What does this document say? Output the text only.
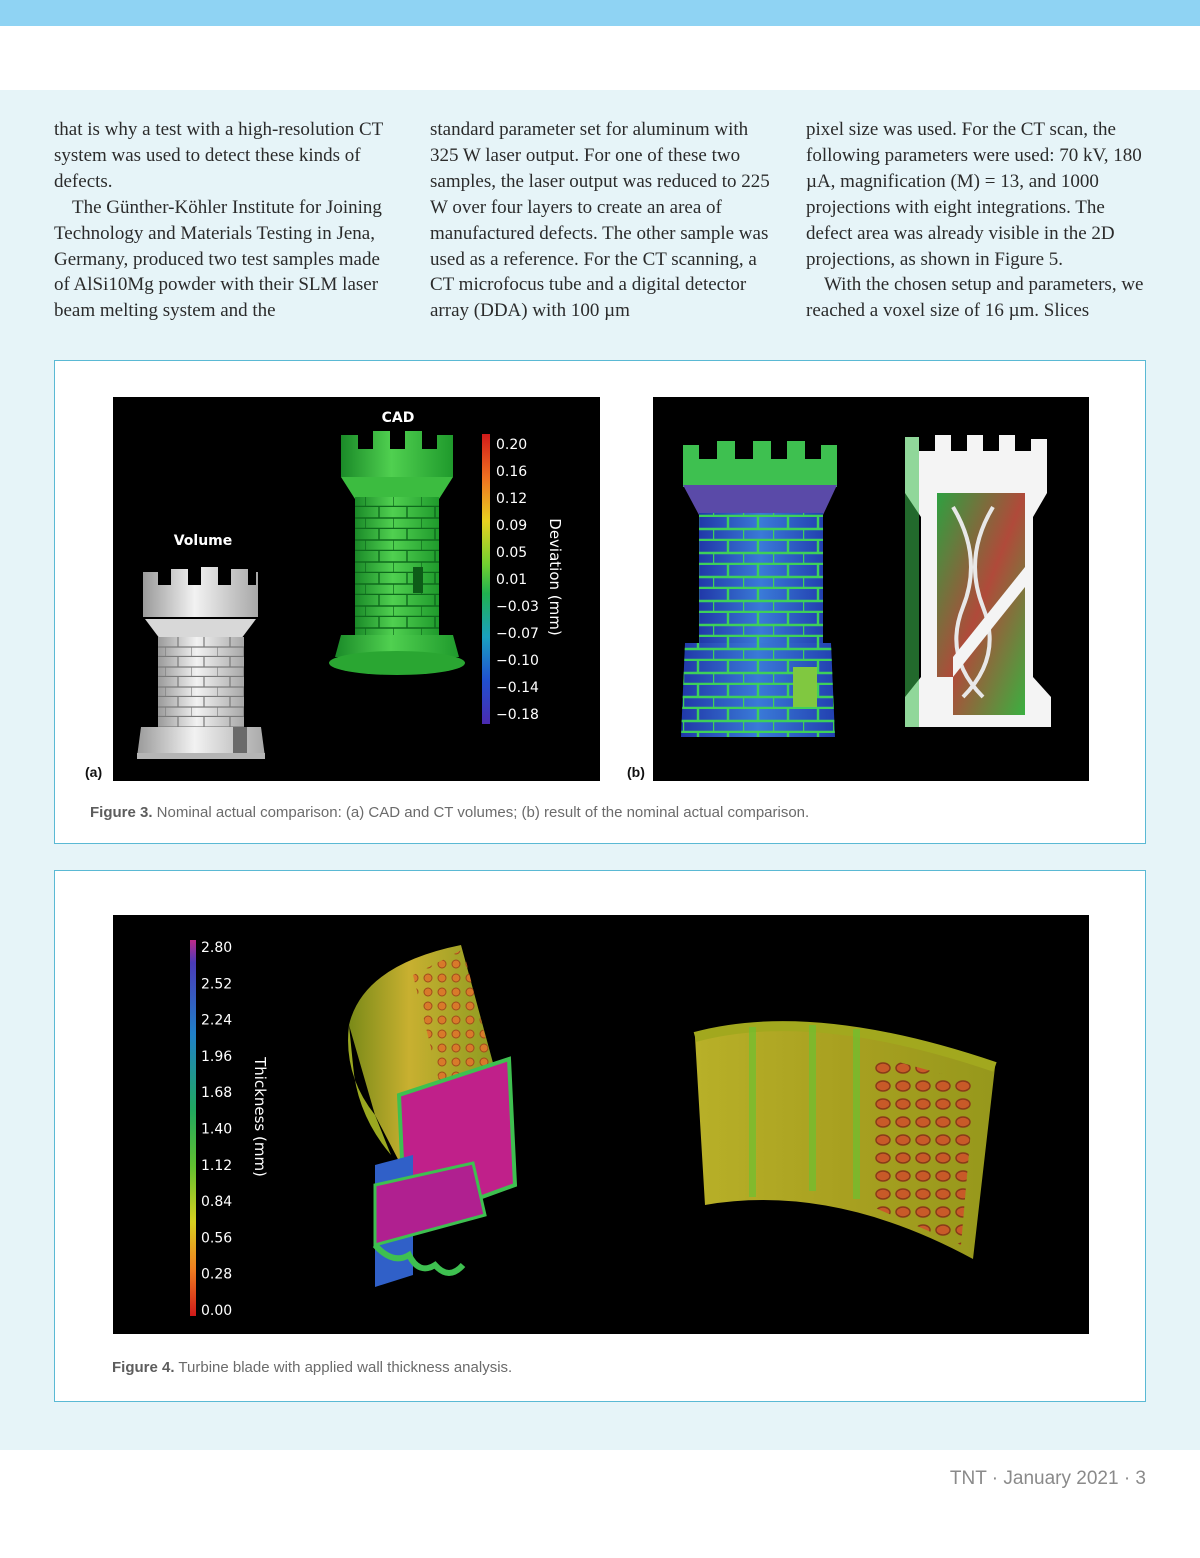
that is why a test with a high-resolution CT system was used to detect these kinds of defects.

The Günther-Köhler Institute for Joining Technology and Materials Testing in Jena, Germany, produced two test samples made of AlSi10Mg powder with their SLM laser beam melting system and the

standard parameter set for aluminum with 325 W laser output. For one of these two samples, the laser output was reduced to 225 W over four layers to create an area of manufactured defects. The other sample was used as a reference. For the CT scanning, a CT microfocus tube and a digital detector array (DDA) with 100 µm

pixel size was used. For the CT scan, the following parameters were used: 70 kV, 180 µA, magnification (M) = 13, and 1000 projections with eight integrations. The defect area was already visible in the 2D projections, as shown in Figure 5.

With the chosen setup and parameters, we reached a voxel size of 16 µm. Slices

Volume
CAD
0.20
0.16
0.12
0.09
0.05
0.01
−0.03
−0.07
−0.10
−0.14
−0.18
Deviation (mm)
(a)	(b)
Figure 3. Nominal actual comparison: (a) CAD and CT volumes; (b) result of the nominal actual comparison.
2.80
2.52
2.24
1.96
1.68
1.40
1.12
0.84
0.56
0.28
0.00
Thickness (mm)
Figure 4. Turbine blade with applied wall thickness analysis.
TNT · January 2021 · 3
